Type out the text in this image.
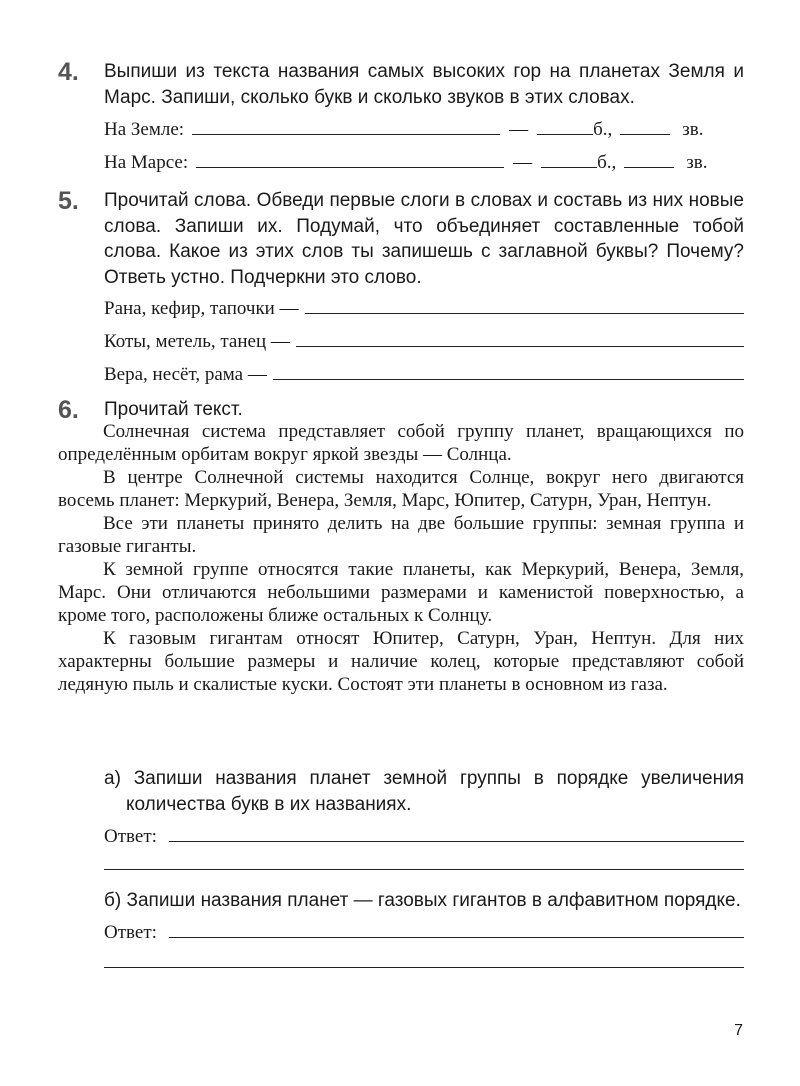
4. Выпиши из текста названия самых высоких гор на планетах Земля и Марс. Запиши, сколько букв и сколько звуков в этих словах.
На Земле:	—	б.,	зв.
На Марсе:	—	б.,	зв.
5. Прочитай слова. Обведи первые слоги в словах и составь из них новые слова. Запиши их. Подумай, что объединяет составленные тобой слова. Какое из этих слов ты запишешь с заглавной буквы? Почему? Ответь устно. Подчеркни это слово.
Рана, кефир, тапочки —
Коты, метель, танец —
Вера, несёт, рама —
6. Прочитай текст.

Солнечная система представляет собой группу планет, вращающихся по определённым орбитам вокруг яркой звезды — Солнца.

В центре Солнечной системы находится Солнце, вокруг него двигаются восемь планет: Меркурий, Венера, Земля, Марс, Юпитер, Сатурн, Уран, Нептун.

Все эти планеты принято делить на две большие группы: земная группа и газовые гиганты.

К земной группе относятся такие планеты, как Меркурий, Венера, Земля, Марс. Они отличаются небольшими размерами и каменистой поверхностью, а кроме того, расположены ближе остальных к Солнцу.

К газовым гигантам относят Юпитер, Сатурн, Уран, Нептун. Для них характерны большие размеры и наличие колец, которые представляют собой ледяную пыль и скалистые куски. Состоят эти планеты в основном из газа.

а) Запиши названия планет земной группы в порядке увеличения количества букв в их названиях.
Ответ:
б) Запиши названия планет — газовых гигантов в алфавитном порядке.
Ответ:
7
